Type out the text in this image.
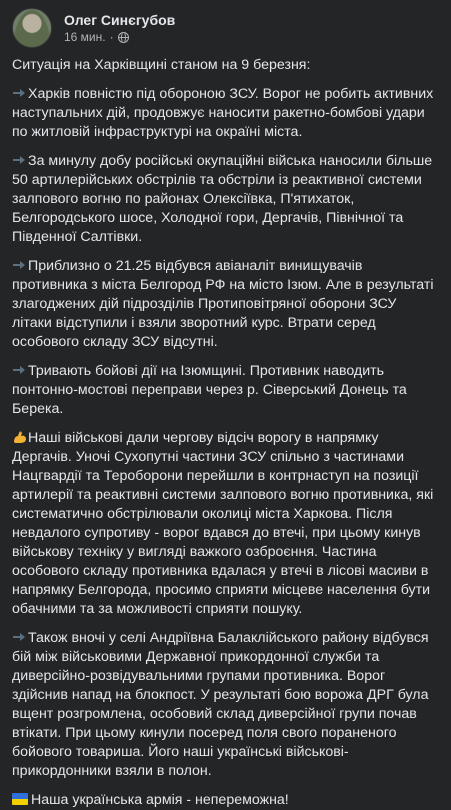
Олег Синєгубов
16 мин. ·

Ситуація на Харківщині станом на 9 березня:

Харків повністю під обороною ЗСУ. Ворог не робить активних наступальних дій, продовжує наносити ракетно-бомбові удари по житловій інфраструктурі на окраїні міста.

За минулу добу російські окупаційні війська наносили більше 50 артилерійських обстрілів та обстріли із реактивної системи залпового вогню по районах Олексіївка, П'ятихаток, Белгородського шосе, Холодної гори, Дергачів, Північної та Південної Салтівки.

Приблизно о 21.25 відбувся авіаналіт винищувачів противника з міста Белгород РФ на місто Ізюм. Але в результаті злагоджених дій підрозділів Протиповітряної оборони ЗСУ літаки відступили і взяли зворотний курс. Втрати серед особового складу ЗСУ відсутні.

Тривають бойові дії на Ізюмщині. Противник наводить понтонно-мостові переправи через р. Сіверський Донець та Берека.

Наші військові дали чергову відсіч ворогу в напрямку Дергачів. Уночі Сухопутні частини ЗСУ спільно з частинами Нацгвардії та Тероборони перейшли в контрнаступ на позиції артилерії та реактивні системи залпового вогню противника, які систематично обстрілювали околиці міста Харкова. Після невдалого супротиву - ворог вдався до втечі, при цьому кинув військову техніку у вигляді важкого озброєння. Частина особового складу противника вдалася у втечі в лісові масиви в напрямку Белгорода, просимо сприяти місцеве населення бути обачними та за можливості сприяти пошуку.

Також вночі у селі Андріївна Балаклійського району відбувся бій між військовими Державної прикордонної служби та диверсійно-розвідувальними групами противника. Ворог здійснив напад на блокпост. У результаті бою ворожа ДРГ була вщент розгромлена, особовий склад диверсійної групи почав втікати. При цьому кинули посеред поля свого пораненого бойового товариша. Його наші українські військові-прикордонники взяли в полон.

Наша українська армія - непереможна!
